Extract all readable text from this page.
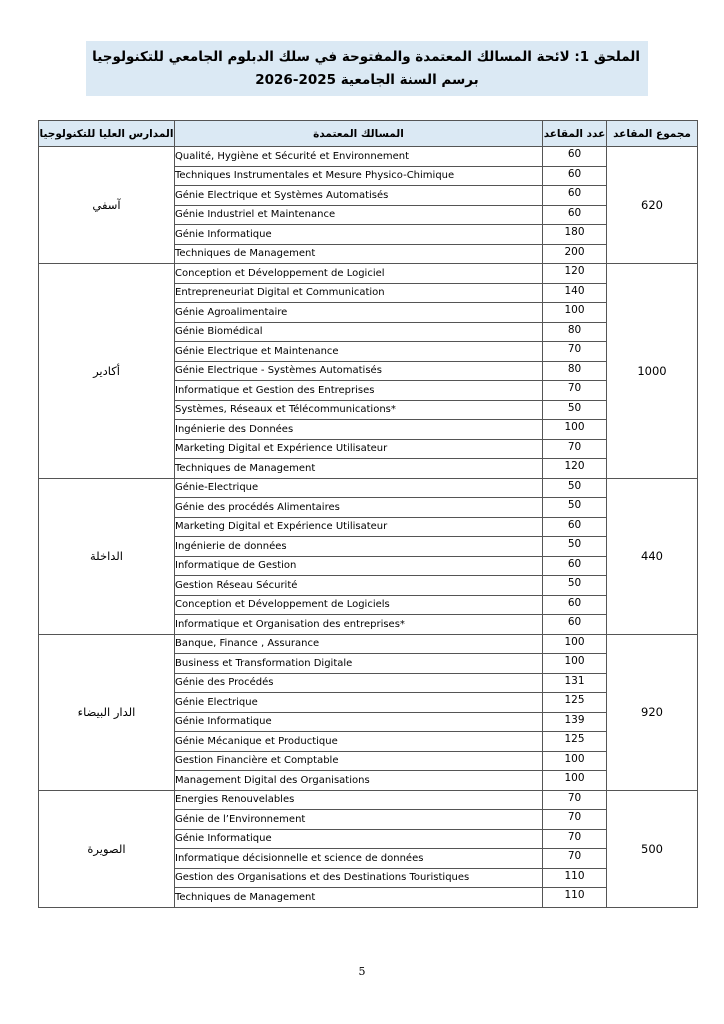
الملحق 1: لائحة المسالك المعتمدة والمفتوحة في سلك الدبلوم الجامعي للتكنولوجيا
برسم السنة الجامعية 2025-2026
مجموع المقاعد	عدد المقاعد	المسالك المعتمدة	المدارس العليا للتكنولوجيا
620	60	Qualité, Hygiène et Sécurité et Environnement	آسفي
	60	Techniques Instrumentales et Mesure Physico-Chimique	
	60	Génie Electrique et Systèmes Automatisés	
	60	Génie Industriel et Maintenance	
	180	Génie Informatique	
	200	Techniques de Management	
1000	120	Conception et Développement de Logiciel	أكادير
	140	Entrepreneuriat Digital et Communication	
	100	Génie Agroalimentaire	
	80	Génie Biomédical	
	70	Génie Electrique et Maintenance	
	80	Génie Electrique - Systèmes Automatisés	
	70	Informatique et Gestion des Entreprises	
	50	Systèmes, Réseaux et Télécommunications*	
	100	Ingénierie des Données	
	70	Marketing Digital et Expérience Utilisateur	
	120	Techniques de Management	
440	50	Génie-Electrique	الداخلة
	50	Génie des procédés Alimentaires	
	60	Marketing Digital et Expérience Utilisateur	
	50	Ingénierie de données	
	60	Informatique de Gestion	
	50	Gestion Réseau Sécurité	
	60	Conception et Développement de Logiciels	
	60	Informatique et Organisation des entreprises*	
920	100	Banque, Finance , Assurance	الدار البيضاء
	100	Business et Transformation Digitale	
	131	Génie des Procédés	
	125	Génie Electrique	
	139	Génie Informatique	
	125	Génie Mécanique et Productique	
	100	Gestion Financière et Comptable	
	100	Management Digital des Organisations	
500	70	Energies Renouvelables	الصويرة
	70	Génie de l’Environnement	
	70	Génie Informatique	
	70	Informatique décisionnelle et science de données	
	110	Gestion des Organisations et des Destinations Touristiques	
	110	Techniques de Management	
5
